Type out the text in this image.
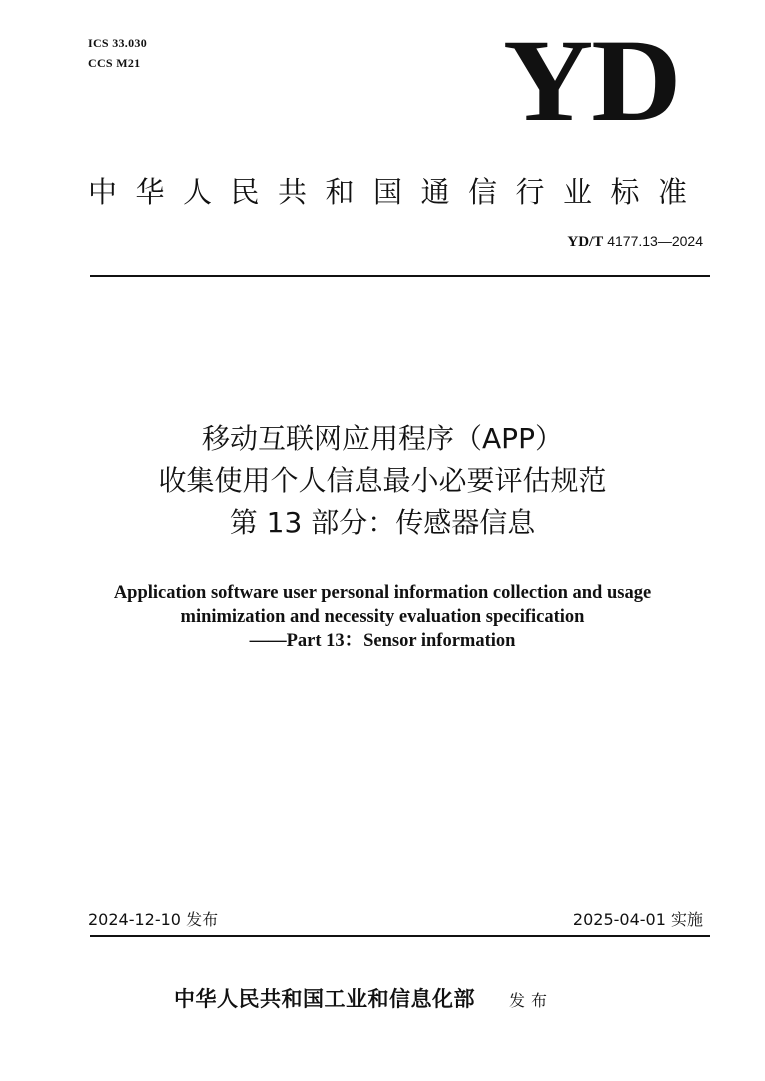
ICS 33.030
CCS M21	YD
中华人民共和国通信行业标准
YD/T 4177.13—2024
移动互联网应用程序（APP）
收集使用个人信息最小必要评估规范
第 13 部分：传感器信息
Application software user personal information collection and usage
minimization and necessity evaluation specification
——Part 13：Sensor information
2024-12-10 发布	2025-04-01 实施
中华人民共和国工业和信息化部 发布
